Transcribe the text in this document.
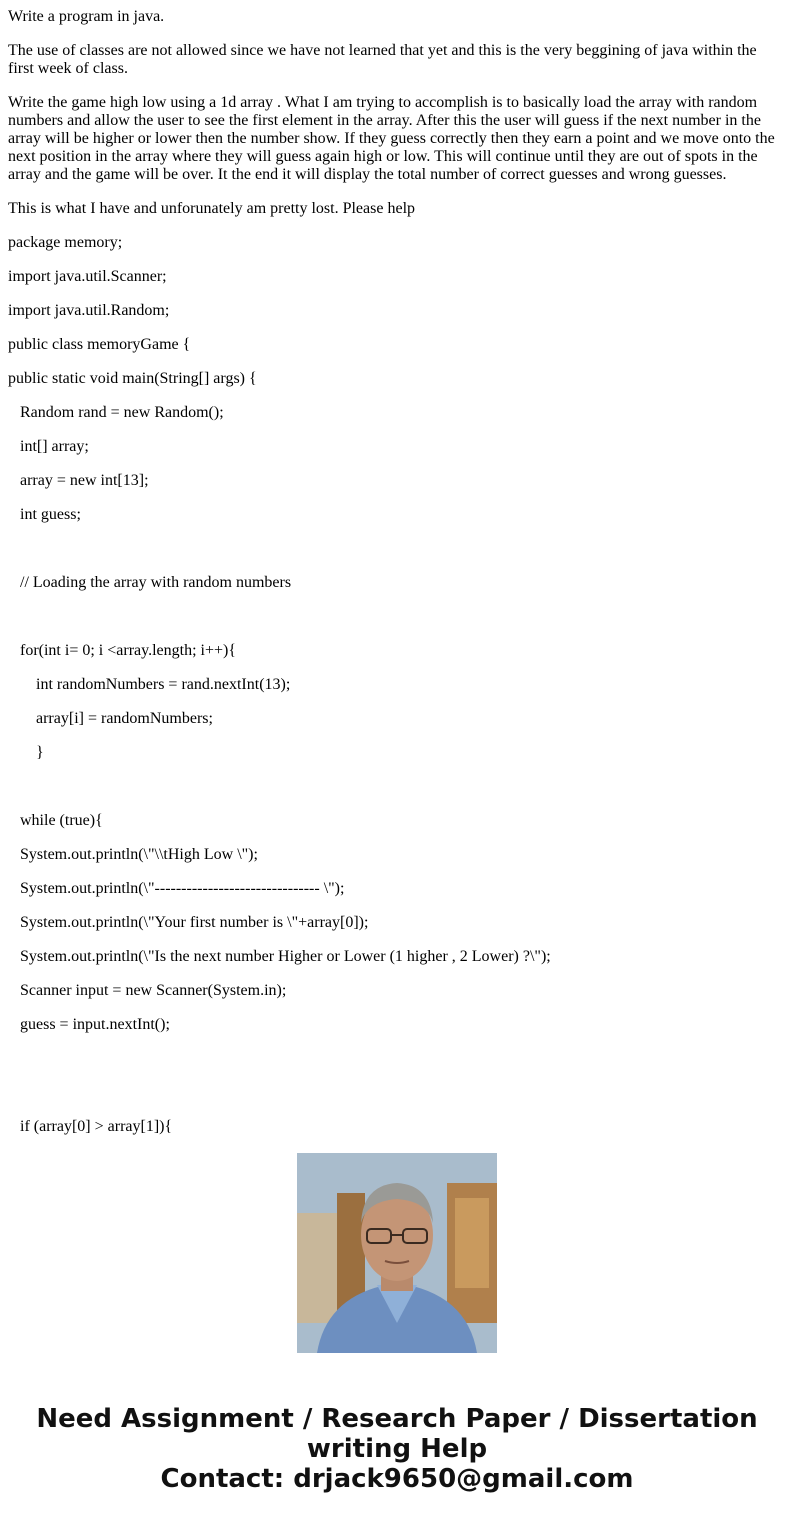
Write a program in java.

The use of classes are not allowed since we have not learned that yet and this is the very beggining of java within the first week of class.

Write the game high low using a 1d array . What I am trying to accomplish is to basically load the array with random numbers and allow the user to see the first element in the array. After this the user will guess if the next number in the array will be higher or lower then the number show. If they guess correctly then they earn a point and we move onto the next position in the array where they will guess again high or low. This will continue until they are out of spots in the array and the game will be over. It the end it will display the total number of correct guesses and wrong guesses.

This is what I have and unforunately am pretty lost. Please help

package memory;
import java.util.Scanner;
import java.util.Random;
public class memoryGame {
public static void main(String[] args) {
Random rand = new Random();
int[] array;
array = new int[13];
int guess;
// Loading the array with random numbers
for(int i= 0; i <array.length; i++){
int randomNumbers = rand.nextInt(13);
array[i] = randomNumbers;
}
while (true){
System.out.println(\"\\tHigh Low \");
System.out.println(\"------------------------------- \");
System.out.println(\"Your first number is \"+array[0]);
System.out.println(\"Is the next number Higher or Lower (1 higher , 2 Lower) ?\");
Scanner input = new Scanner(System.in);
guess = input.nextInt();
if (array[0] > array[1]){
Need Assignment / Research Paper / Dissertation
writing Help
Contact: drjack9650@gmail.com
